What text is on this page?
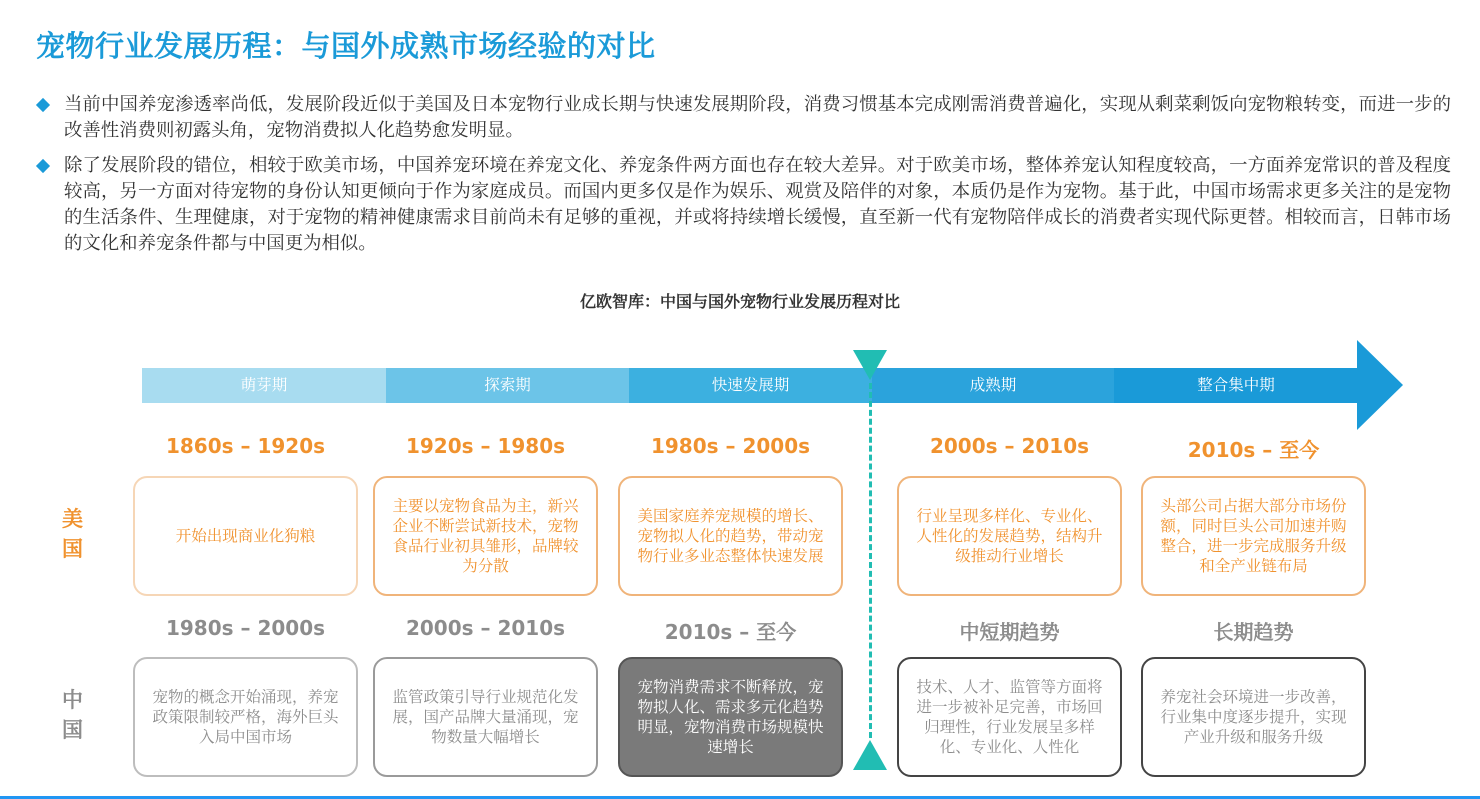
宠物行业发展历程：与国外成熟市场经验的对比
当前中国养宠渗透率尚低，发展阶段近似于美国及日本宠物行业成长期与快速发展期阶段，消费习惯基本完成刚需消费普遍化，实现从剩菜剩饭向宠物粮转变，而进一步的改善性消费则初露头角，宠物消费拟人化趋势愈发明显。
除了发展阶段的错位，相较于欧美市场，中国养宠环境在养宠文化、养宠条件两方面也存在较大差异。对于欧美市场，整体养宠认知程度较高，一方面养宠常识的普及程度较高，另一方面对待宠物的身份认知更倾向于作为家庭成员。而国内更多仅是作为娱乐、观赏及陪伴的对象，本质仍是作为宠物。基于此，中国市场需求更多关注的是宠物的生活条件、生理健康，对于宠物的精神健康需求目前尚未有足够的重视，并或将持续增长缓慢，直至新一代有宠物陪伴成长的消费者实现代际更替。相较而言，日韩市场的文化和养宠条件都与中国更为相似。
亿欧智库：中国与国外宠物行业发展历程对比
萌芽期	探索期	快速发展期	成熟期	整合集中期
美国
中国
1860s – 1920s	1920s – 1980s	1980s – 2000s	2000s – 2010s	2010s – 至今
开始出现商业化狗粮
主要以宠物食品为主，新兴企业不断尝试新技术，宠物食品行业初具雏形，品牌较为分散
美国家庭养宠规模的增长、宠物拟人化的趋势，带动宠物行业多业态整体快速发展
行业呈现多样化、专业化、人性化的发展趋势，结构升级推动行业增长
头部公司占据大部分市场份额，同时巨头公司加速并购整合，进一步完成服务升级和全产业链布局
1980s – 2000s	2000s – 2010s	2010s – 至今	中短期趋势	长期趋势
宠物的概念开始涌现，养宠政策限制较严格，海外巨头入局中国市场
监管政策引导行业规范化发展，国产品牌大量涌现，宠物数量大幅增长
宠物消费需求不断释放，宠物拟人化、需求多元化趋势明显，宠物消费市场规模快速增长
技术、人才、监管等方面将进一步被补足完善，市场回归理性，行业发展呈多样化、专业化、人性化
养宠社会环境进一步改善，行业集中度逐步提升，实现产业升级和服务升级
